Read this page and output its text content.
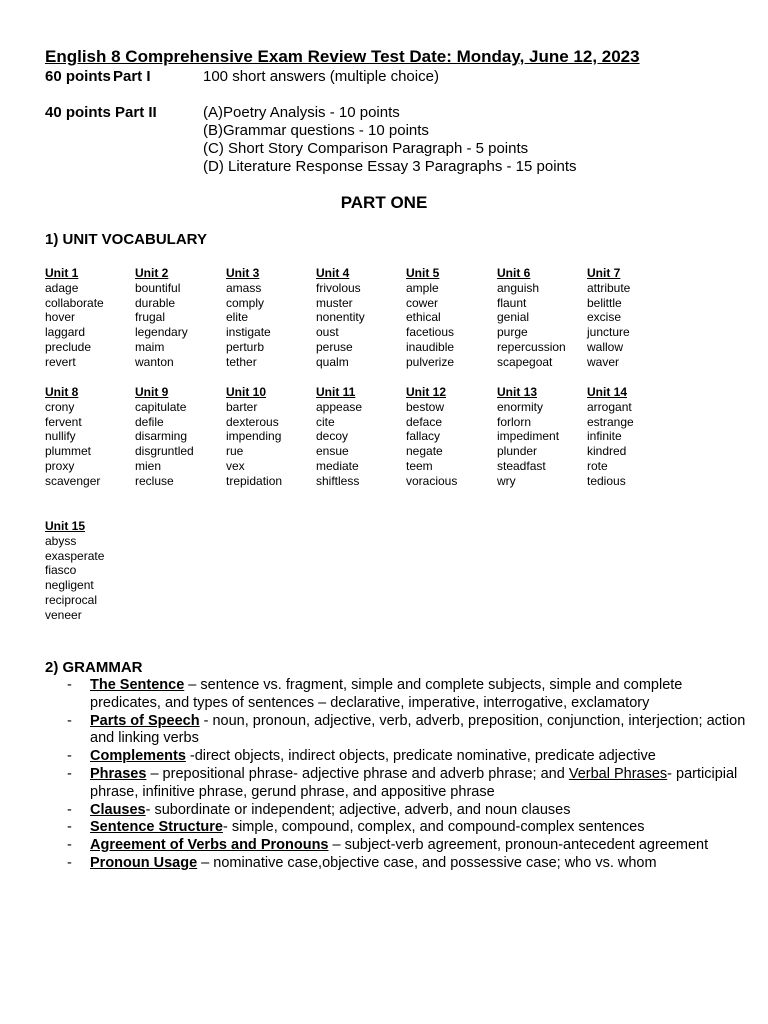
English 8 Comprehensive Exam Review Test Date: Monday, June 12, 2023
60 points Part I	100 short answers (multiple choice)
40 points Part II	(A)Poetry Analysis - 10 points
(B)Grammar questions - 10 points
(C) Short Story Comparison Paragraph - 5 points
(D) Literature Response Essay 3 Paragraphs - 15 points
PART ONE
1) UNIT VOCABULARY
Unit 1
adage
collaborate
hover
laggard
preclude
revert
Unit 2
bountiful
durable
frugal
legendary
maim
wanton
Unit 3
amass
comply
elite
instigate
perturb
tether
Unit 4
frivolous
muster
nonentity
oust
peruse
qualm
Unit 5
ample
cower
ethical
facetious
inaudible
pulverize
Unit 6
anguish
flaunt
genial
purge
repercussion
scapegoat
Unit 7
attribute
belittle
excise
juncture
wallow
waver
Unit 8
crony
fervent
nullify
plummet
proxy
scavenger
Unit 9
capitulate
defile
disarming
disgruntled
mien
recluse
Unit 10
barter
dexterous
impending
rue
vex
trepidation
Unit 11
appease
cite
decoy
ensue
mediate
shiftless
Unit 12
bestow
deface
fallacy
negate
teem
voracious
Unit 13
enormity
forlorn
impediment
plunder
steadfast
wry
Unit 14
arrogant
estrange
infinite
kindred
rote
tedious
Unit 15
abyss
exasperate
fiasco
negligent
reciprocal
veneer
2) GRAMMAR
- The Sentence – sentence vs. fragment, simple and complete subjects, simple and complete predicates, and types of sentences – declarative, imperative, interrogative, exclamatory
- Parts of Speech - noun, pronoun, adjective, verb, adverb, preposition, conjunction, interjection; action and linking verbs
- Complements -direct objects, indirect objects, predicate nominative, predicate adjective
- Phrases – prepositional phrase- adjective phrase and adverb phrase; and Verbal Phrases- participial phrase, infinitive phrase, gerund phrase, and appositive phrase
- Clauses- subordinate or independent; adjective, adverb, and noun clauses
- Sentence Structure- simple, compound, complex, and compound-complex sentences
- Agreement of Verbs and Pronouns – subject-verb agreement, pronoun-antecedent agreement
- Pronoun Usage – nominative case,objective case, and possessive case; who vs. whom
